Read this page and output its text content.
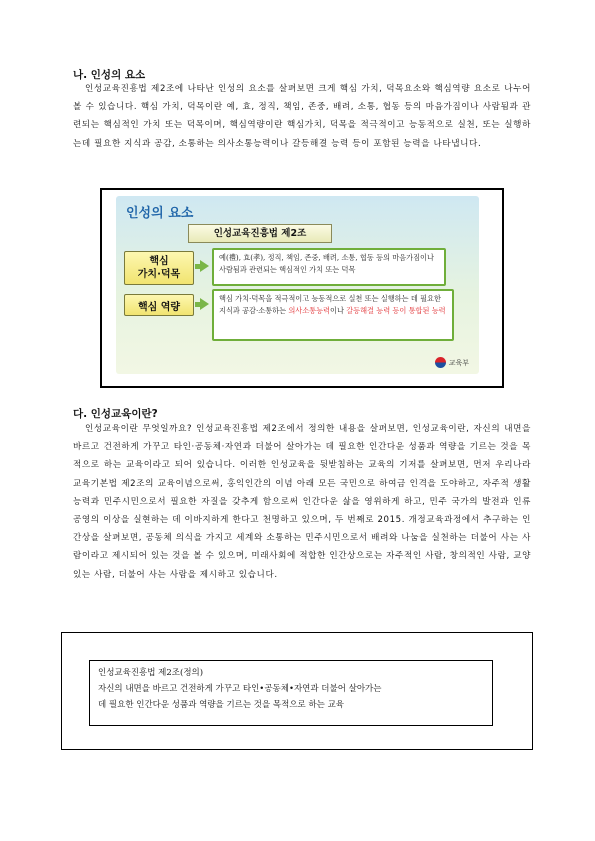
나. 인성의 요소
인성교육진흥법 제2조에 나타난 인성의 요소를 살펴보면 크게 핵심 가치, 덕목요소와 핵심역량 요소로 나누어 볼 수 있습니다. 핵심 가치, 덕목이란 예, 효, 정직, 책임, 존중, 배려, 소통, 협동 등의 마음가짐이나 사람됨과 관련되는 핵심적인 가치 또는 덕목이며, 핵심역량이란 핵심가치, 덕목을 적극적이고 능동적으로 실천, 또는 실행하는데 필요한 지식과 공감, 소통하는 의사소통능력이나 갈등해결 능력 등이 포함된 능력을 나타냅니다.
인성의 요소
인성교육진흥법 제2조
핵심
가치·덕목
예(禮), 효(孝), 정직, 책임, 존중, 배려, 소통, 협동 등의 마음가짐이나 사람됨과 관련되는 핵심적인 가치 또는 덕목
핵심 역량
핵심 가치·덕목을 적극적이고 능동적으로 실천 또는 실행하는 데 필요한 지식과 공감·소통하는 의사소통능력이나 갈등해결 능력 등이 통합된 능력
교육부
다. 인성교육이란?
인성교육이란 무엇일까요? 인성교육진흥법 제2조에서 정의한 내용을 살펴보면, 인성교육이란, 자신의 내면을 바르고 건전하게 가꾸고 타인·공동체·자연과 더불어 살아가는 데 필요한 인간다운 성품과 역량을 기르는 것을 목적으로 하는 교육이라고 되어 있습니다. 이러한 인성교육을 뒷받침하는 교육의 기저를 살펴보면, 먼저 우리나라 교육기본법 제2조의 교육이념으로써, 홍익인간의 이념 아래 모든 국민으로 하여금 인격을 도야하고, 자주적 생활능력과 민주시민으로서 필요한 자질을 갖추게 함으로써 인간다운 삶을 영위하게 하고, 민주 국가의 발전과 인류 공영의 이상을 실현하는 데 이바지하게 한다고 천명하고 있으며, 두 번째로 2015. 개정교육과정에서 추구하는 인간상을 살펴보면, 공동체 의식을 가지고 세계와 소통하는 민주시민으로서 배려와 나눔을 실천하는 더불어 사는 사람이라고 제시되어 있는 것을 볼 수 있으며, 미래사회에 적합한 인간상으로는 자주적인 사람, 창의적인 사람, 교양있는 사람, 더불어 사는 사람을 제시하고 있습니다.
인성교육진흥법 제2조(정의)
자신의 내면을 바르고 건전하게 가꾸고 타인•공동체•자연과 더불어 살아가는
데 필요한 인간다운 성품과 역량을 기르는 것을 목적으로 하는 교육
